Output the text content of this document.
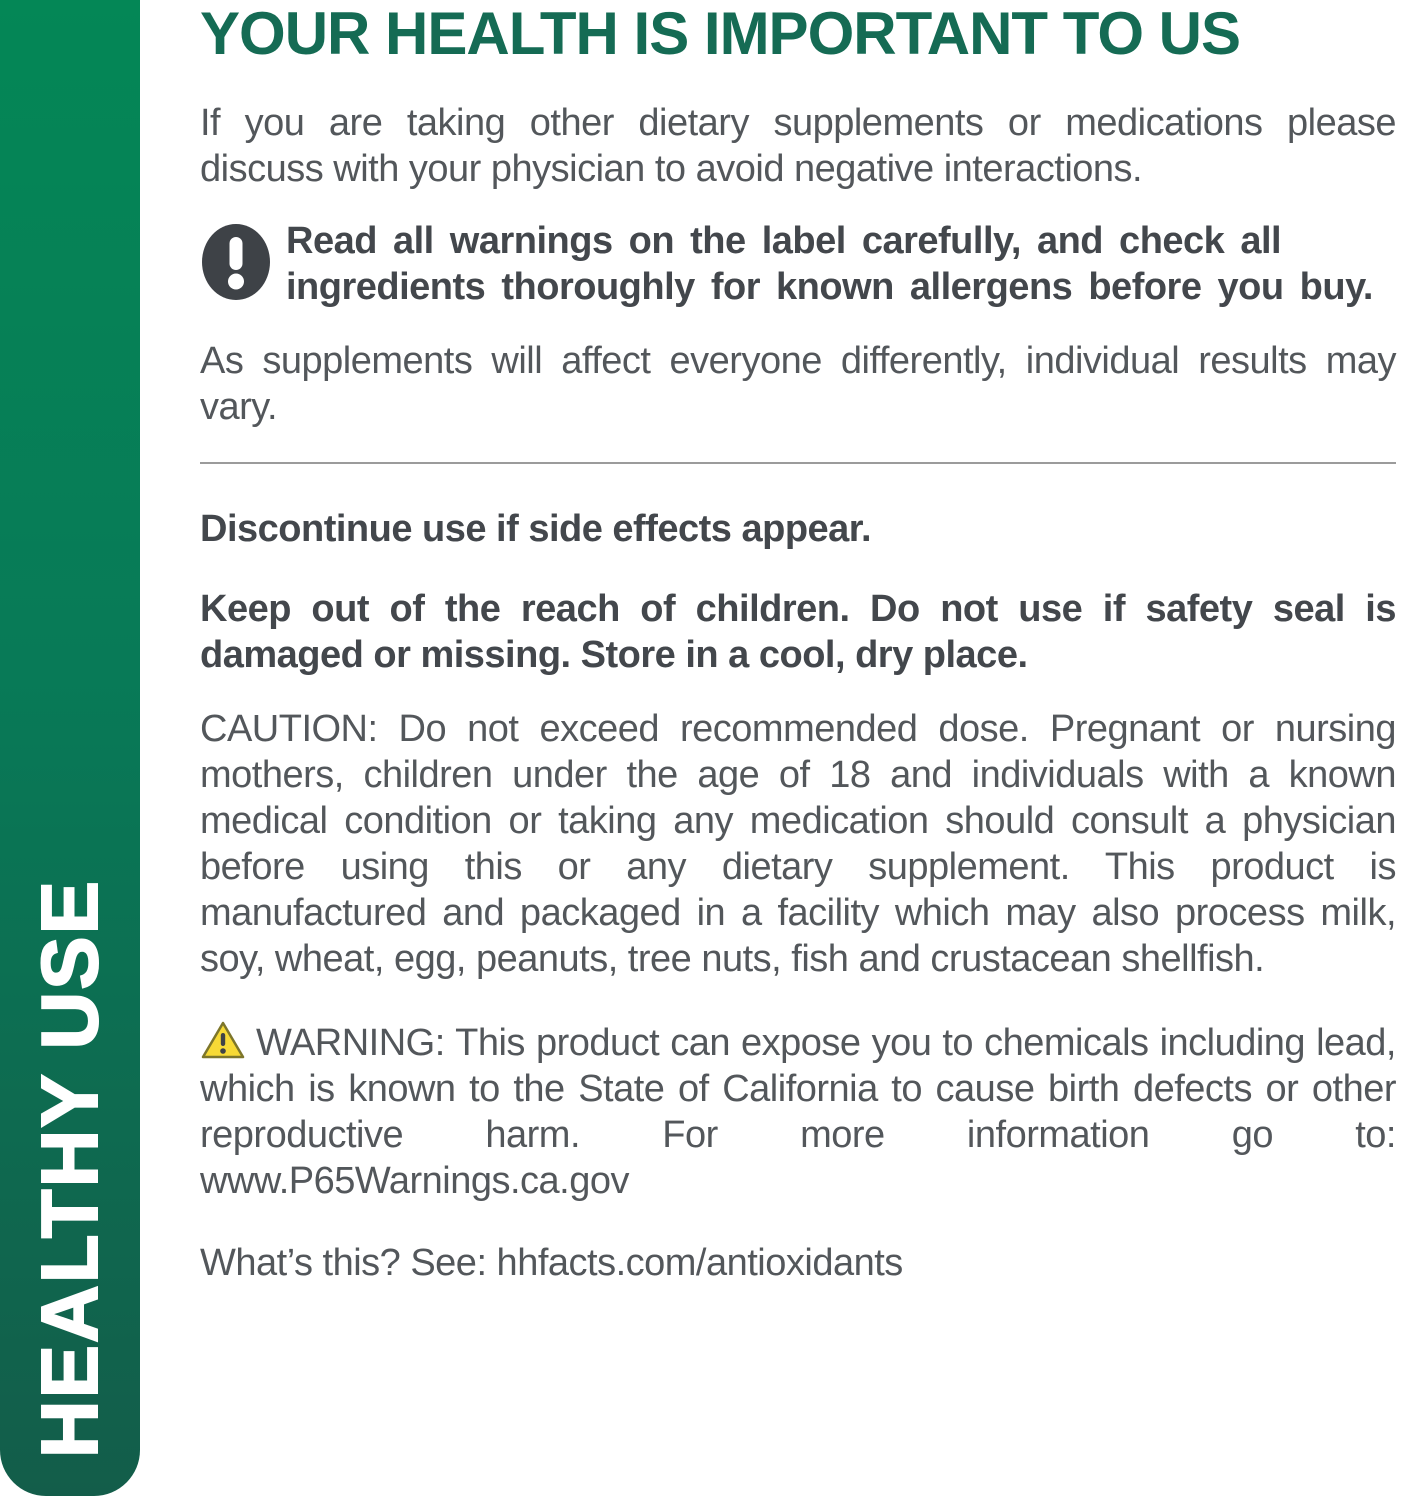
HEALTHY USE
YOUR HEALTH IS IMPORTANT TO US

If you are taking other dietary supplements or medications please discuss with your physician to avoid negative interactions.

Read all warnings on the label carefully, and check all
ingredients thoroughly for known allergens before you buy.

As supplements will affect everyone differently, individual results may vary.

Discontinue use if side effects appear.

Keep out of the reach of children. Do not use if safety seal is damaged or missing. Store in a cool, dry place.

CAUTION: Do not exceed recommended dose. Pregnant or nursing mothers, children under the age of 18 and individuals with a known medical condition or taking any medication should consult a physician before using this or any dietary supplement. This product is manufactured and packaged in a facility which may also process milk, soy, wheat, egg, peanuts, tree nuts, fish and crustacean shellfish.

WARNING: This product can expose you to chemicals including lead, which is known to the State of California to cause birth defects or other reproductive harm. For more information go to: www.P65Warnings.ca.gov

What’s this? See: hhfacts.com/antioxidants
